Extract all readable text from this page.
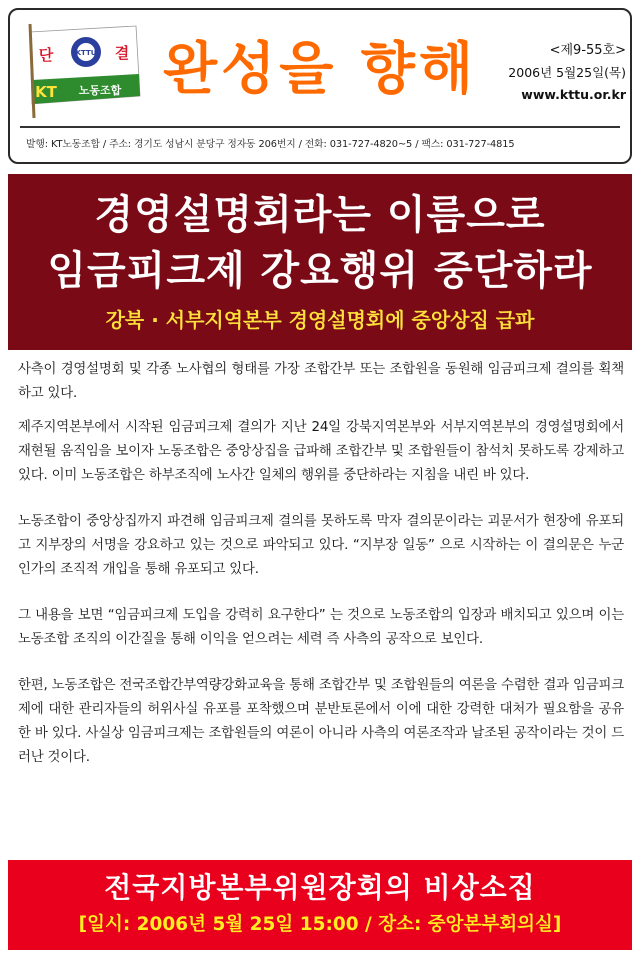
KTTU
단	결
KT 노동조합 완성을 향해	<제9-55호>
2006년 5월25일(목)
www.kttu.or.kr
발행: KT노동조합 / 주소: 경기도 성남시 분당구 정자동 206번지 / 전화: 031-727-4820~5 / 팩스: 031-727-4815
경영설명회라는 이름으로
임금피크제 강요행위 중단하라
강북 · 서부지역본부 경영설명회에 중앙상집 급파

사측이 경영설명회 및 각종 노사협의 형태를 가장 조합간부 또는 조합원을 동원해 임금피크제 결의를 획책하고 있다.

제주지역본부에서 시작된 임금피크제 결의가 지난 24일 강북지역본부와 서부지역본부의 경영설명회에서 재현될 움직임을 보이자 노동조합은 중앙상집을 급파해 조합간부 및 조합원들이 참석치 못하도록 강제하고 있다. 이미 노동조합은 하부조직에 노사간 일체의 행위를 중단하라는 지침을 내린 바 있다.

노동조합이 중앙상집까지 파견해 임금피크제 결의를 못하도록 막자 결의문이라는 괴문서가 현장에 유포되고 지부장의 서명을 강요하고 있는 것으로 파악되고 있다. “지부장 일동” 으로 시작하는 이 결의문은 누군인가의 조직적 개입을 통해 유포되고 있다.

그 내용을 보면 “임금피크제 도입을 강력히 요구한다” 는 것으로 노동조합의 입장과 배치되고 있으며 이는 노동조합 조직의 이간질을 통해 이익을 얻으려는 세력 즉 사측의 공작으로 보인다.

한편, 노동조합은 전국조합간부역량강화교육을 통해 조합간부 및 조합원들의 여론을 수렴한 결과 임금피크제에 대한 관리자들의 허위사실 유포를 포착했으며 분반토론에서 이에 대한 강력한 대처가 필요함을 공유한 바 있다. 사실상 임금피크제는 조합원들의 여론이 아니라 사측의 여론조작과 날조된 공작이라는 것이 드러난 것이다.

전국지방본부위원장회의 비상소집
[일시: 2006년 5월 25일 15:00 / 장소: 중앙본부회의실]
